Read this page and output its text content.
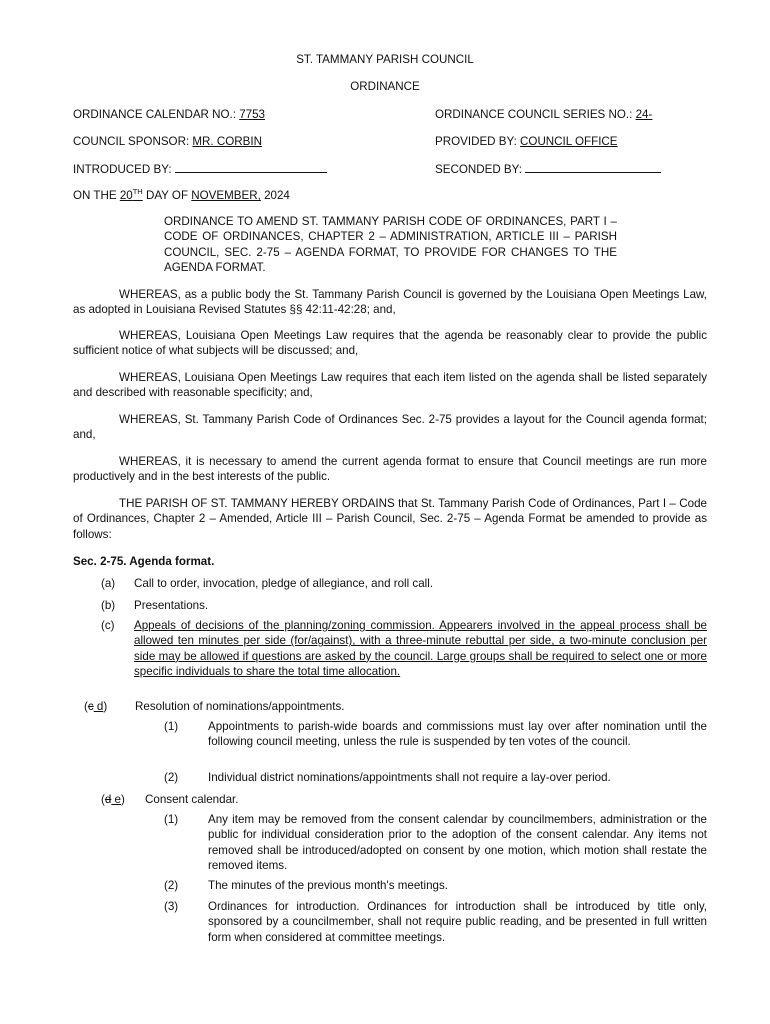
ST. TAMMANY PARISH COUNCIL
ORDINANCE
ORDINANCE CALENDAR NO.: 7753	ORDINANCE COUNCIL SERIES NO.: 24-
COUNCIL SPONSOR: MR. CORBIN	PROVIDED BY: COUNCIL OFFICE
INTRODUCED BY:	SECONDED BY:
ON THE 20TH DAY OF NOVEMBER, 2024
ORDINANCE TO AMEND ST. TAMMANY PARISH CODE OF ORDINANCES, PART I – CODE OF ORDINANCES, CHAPTER 2 – ADMINISTRATION, ARTICLE III – PARISH COUNCIL, SEC. 2-75 – AGENDA FORMAT, TO PROVIDE FOR CHANGES TO THE AGENDA FORMAT.
WHEREAS, as a public body the St. Tammany Parish Council is governed by the Louisiana Open Meetings Law, as adopted in Louisiana Revised Statutes §§ 42:11-42:28; and,
WHEREAS, Louisiana Open Meetings Law requires that the agenda be reasonably clear to provide the public sufficient notice of what subjects will be discussed; and,
WHEREAS, Louisiana Open Meetings Law requires that each item listed on the agenda shall be listed separately and described with reasonable specificity; and,
WHEREAS, St. Tammany Parish Code of Ordinances Sec. 2-75 provides a layout for the Council agenda format; and,
WHEREAS, it is necessary to amend the current agenda format to ensure that Council meetings are run more productively and in the best interests of the public.
THE PARISH OF ST. TAMMANY HEREBY ORDAINS that St. Tammany Parish Code of Ordinances, Part I – Code of Ordinances, Chapter 2 – Amended, Article III – Parish Council, Sec. 2-75 – Agenda Format be amended to provide as follows:
Sec. 2-75. Agenda format.
(a) Call to order, invocation, pledge of allegiance, and roll call.
(b) Presentations.
(c) Appeals of decisions of the planning/zoning commission. Appearers involved in the appeal process shall be allowed ten minutes per side (for/against), with a three-minute rebuttal per side, a two-minute conclusion per side may be allowed if questions are asked by the council. Large groups shall be required to select one or more specific individuals to share the total time allocation.
(c d) Resolution of nominations/appointments.
(1)	Appointments to parish-wide boards and commissions must lay over after nomination until the following council meeting, unless the rule is suspended by ten votes of the council.
(2)	Individual district nominations/appointments shall not require a lay-over period.
(d e) Consent calendar.
(1)	Any item may be removed from the consent calendar by councilmembers, administration or the public for individual consideration prior to the adoption of the consent calendar. Any items not removed shall be introduced/adopted on consent by one motion, which motion shall restate the removed items.
(2)	The minutes of the previous month's meetings.
(3)	Ordinances for introduction. Ordinances for introduction shall be introduced by title only, sponsored by a councilmember, shall not require public reading, and be presented in full written form when considered at committee meetings.
